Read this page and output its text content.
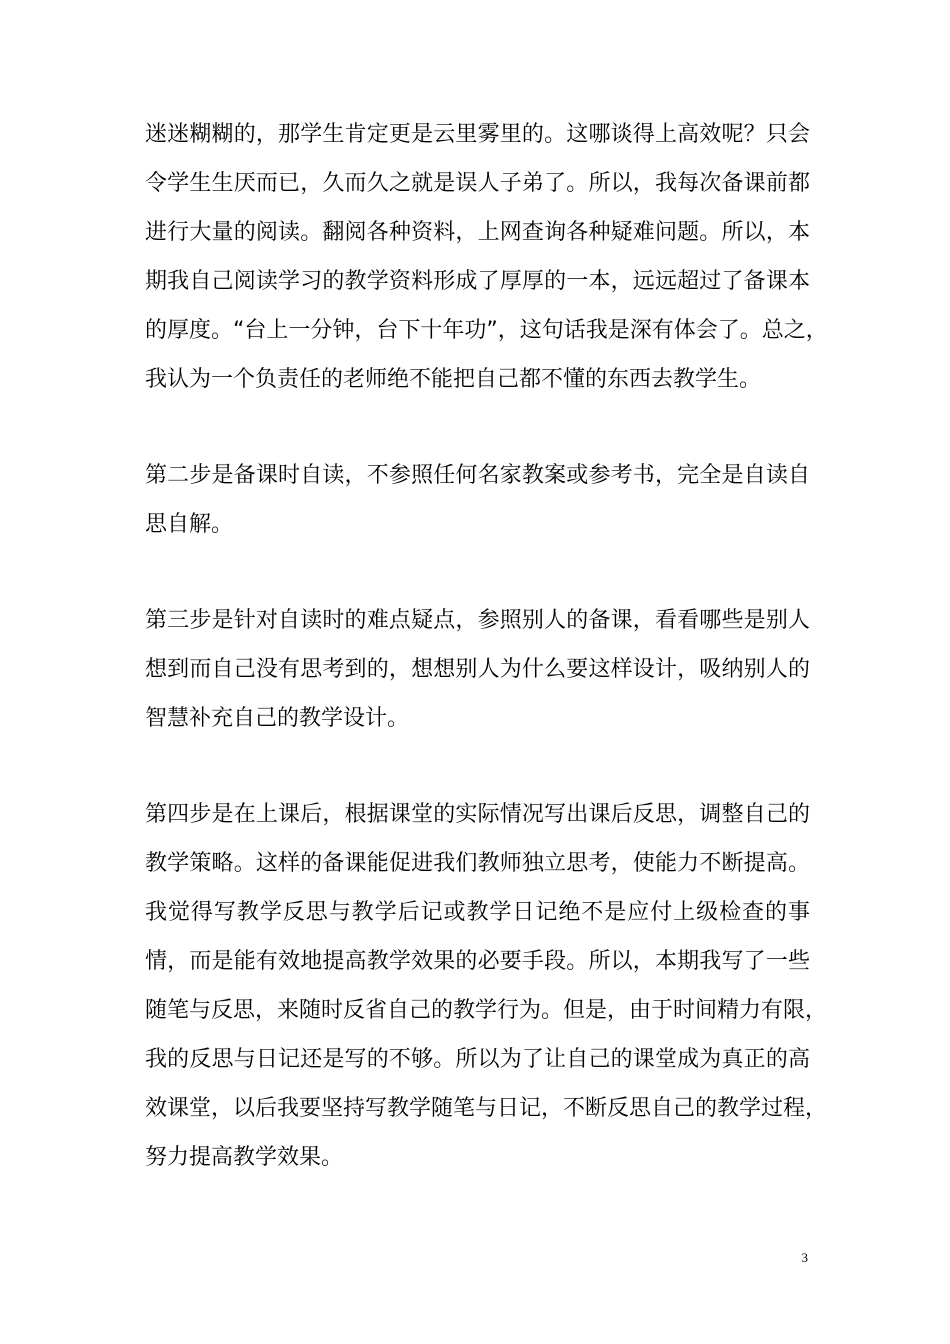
迷迷糊糊的，那学生肯定更是云里雾里的。这哪谈得上高效呢？只会
令学生生厌而已，久而久之就是误人子弟了。所以，我每次备课前都
进行大量的阅读。翻阅各种资料，上网查询各种疑难问题。所以，本
期我自己阅读学习的教学资料形成了厚厚的一本，远远超过了备课本
的厚度。“台上一分钟，台下十年功”，这句话我是深有体会了。总之，
我认为一个负责任的老师绝不能把自己都不懂的东西去教学生。
第二步是备课时自读，不参照任何名家教案或参考书，完全是自读自
思自解。
第三步是针对自读时的难点疑点，参照别人的备课，看看哪些是别人
想到而自己没有思考到的，想想别人为什么要这样设计，吸纳别人的
智慧补充自己的教学设计。
第四步是在上课后，根据课堂的实际情况写出课后反思，调整自己的
教学策略。这样的备课能促进我们教师独立思考，使能力不断提高。
我觉得写教学反思与教学后记或教学日记绝不是应付上级检查的事
情，而是能有效地提高教学效果的必要手段。所以，本期我写了一些
随笔与反思，来随时反省自己的教学行为。但是，由于时间精力有限，
我的反思与日记还是写的不够。所以为了让自己的课堂成为真正的高
效课堂，以后我要坚持写教学随笔与日记，不断反思自己的教学过程，
努力提高教学效果。
3
